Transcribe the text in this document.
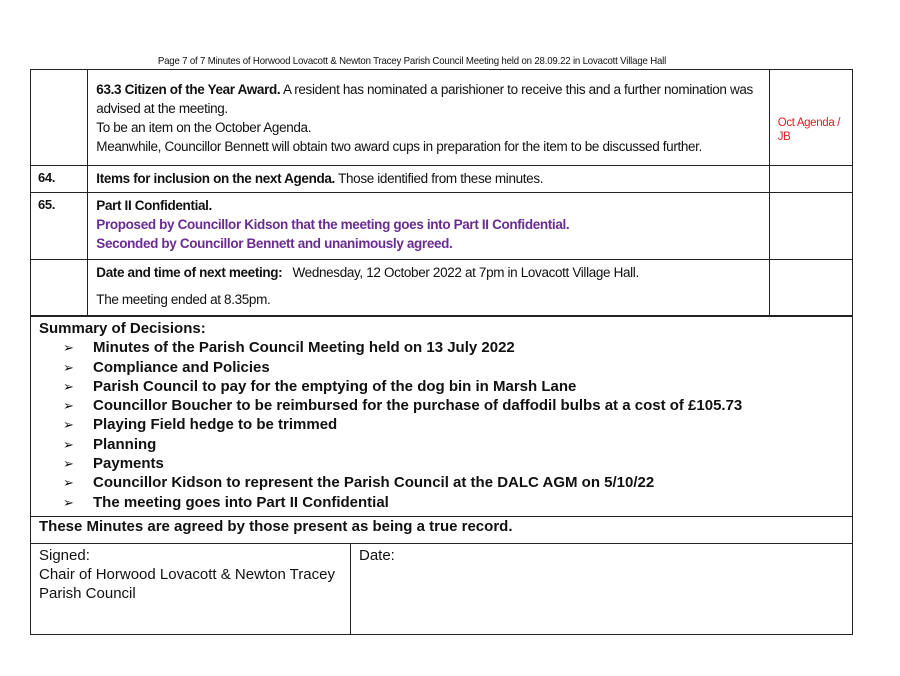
Page 7 of 7 Minutes of Horwood Lovacott & Newton Tracey Parish Council Meeting held on 28.09.22 in Lovacott Village Hall
	63.3 Citizen of the Year Award. A resident has nominated a parishioner to receive this and a further nomination was advised at the meeting.
To be an item on the October Agenda.
Meanwhile, Councillor Bennett will obtain two award cups in preparation for the item to be discussed further.	Oct Agenda / JB
64.	Items for inclusion on the next Agenda. Those identified from these minutes.	
65.	Part II Confidential.
Proposed by Councillor Kidson that the meeting goes into Part II Confidential.
Seconded by Councillor Bennett and unanimously agreed.	
	Date and time of next meeting: Wednesday, 12 October 2022 at 7pm in Lovacott Village Hall.
The meeting ended at 8.35pm.	

Summary of Decisions:
➢ Minutes of the Parish Council Meeting held on 13 July 2022
➢ Compliance and Policies
➢ Parish Council to pay for the emptying of the dog bin in Marsh Lane
➢ Councillor Boucher to be reimbursed for the purchase of daffodil bulbs at a cost of £105.73
➢ Playing Field hedge to be trimmed
➢ Planning
➢ Payments
➢ Councillor Kidson to represent the Parish Council at the DALC AGM on 5/10/22
➢ The meeting goes into Part II Confidential

These Minutes are agreed by those present as being a true record.

Signed:
Chair of Horwood Lovacott & Newton Tracey Parish Council

Date:
